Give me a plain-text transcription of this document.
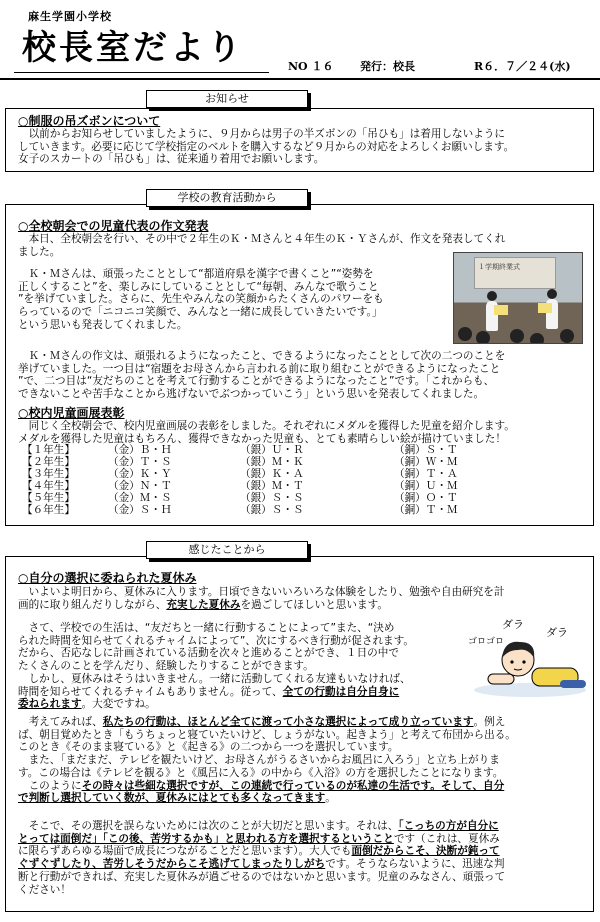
麻生学園小学校
校長室だより	NO １６ 発行：校長	R６．７／２４(水)
お知らせ
○制服の吊ズボンについて
　以前からお知らせしていましたように、９月からは男子の半ズボンの「吊ひも」は着用しないように
していきます。必要に応じて学校指定のベルトを購入するなど９月からの対応をよろしくお願いします。
女子のスカートの「吊ひも」は、従来通り着用でお願いします。
学校の教育活動から
○全校朝会での児童代表の作文発表
　本日、全校朝会を行い、その中で２年生のＫ・Ｍさんと４年生のＫ・Ｙさんが、作文を発表してくれ
ました。
　Ｋ・Ｍさんは、頑張ったこととして“都道府県を漢字で書くこと”“姿勢を
正しくすること”を、楽しみにしていることとして“毎朝、みんなで歌うこと
”を挙げていました。さらに、先生やみんなの笑顔からたくさんのパワーをも
らっているので「ニコニコ笑顔で、みんなと一緒に成長していきたいです。」
という思いも発表してくれました。
１学期終業式
　Ｋ・Ｍさんの作文は、頑張れるようになったこと、できるようになったこととして次の二つのことを
挙げていました。一つ目は“宿題をお母さんから言われる前に取り組むことができるようになったこと
”で、二つ目は“友だちのことを考えて行動することができるようになったこと”です。「これからも、
できないことや苦手なことから逃げないでぶつかっていこう」という思いを発表してくれました。
○校内児童画展表彰
　同じく全校朝会で、校内児童画展の表彰をしました。それぞれにメダルを獲得した児童を紹介します。
メダルを獲得した児童はもちろん、獲得できなかった児童も、とても素晴らしい絵が描けていました！
【１年生】	（金）Ｂ・Ｈ	（銀）Ｕ・Ｒ	（銅）Ｓ・Ｔ
【２年生】	（金）Ｔ・Ｓ	（銀）Ｍ・Ｋ	（銅）Ｗ・Ｍ
【３年生】	（金）Ｋ・Ｙ	（銀）Ｋ・Ａ	（銅）Ｔ・Ａ
【４年生】	（金）Ｎ・Ｔ	（銀）Ｍ・Ｔ	（銅）Ｕ・Ｍ
【５年生】	（金）Ｍ・Ｓ	（銀）Ｓ・Ｓ	（銅）Ｏ・Ｔ
【６年生】	（金）Ｓ・Ｈ	（銀）Ｓ・Ｓ	（銅）Ｔ・Ｍ
感じたことから
○自分の選択に委ねられた夏休み
　いよいよ明日から、夏休みに入ります。日頃できないいろいろな体験をしたり、勉強や自由研究を計
画的に取り組んだりしながら、充実した夏休みを過ごしてほしいと思います。
　さて、学校での生活は、“友だちと一緒に行動することによって”また、“決め
られた時間を知らせてくれるチャイムによって”、次にするべき行動が促されます。
だから、否応なしに計画されている活動を次々と進めることができ、１日の中で
たくさんのことを学んだり、経験したりすることができます。
　しかし、夏休みはそうはいきません。一緒に活動してくれる友達もいなければ、
時間を知らせてくれるチャイムもありません。従って、全ての行動は自分自身に
委ねられます。大変ですね。
ダラ
ダラ
ゴロゴロ
　考えてみれば、私たちの行動は、ほとんど全てに渡って小さな選択によって成り立っています。例え
ば、朝目覚めたとき「もうちょっと寝ていたいけど、しょうがない。起きよう」と考えて布団から出る。
このとき《そのまま寝ている》と《起きる》の二つから一つを選択しています。
　また、「まだまだ、テレビを観たいけど、お母さんがうるさいからお風呂に入ろう」と立ち上がりま
す。この場合は《テレビを観る》と《風呂に入る》の中から《入浴》の方を選択したことになります。
　このようにその時々は些細な選択ですが、この連続で行っているのが私達の生活です。そして、自分
で判断し選択していく数が、夏休みにはとても多くなってきます。
　そこで、その選択を誤らないためには次のことが大切だと思います。それは、「こっちの方が自分に
とっては面倒だ」「この後、苦労するかも」と思われる方を選択するということです（これは、夏休み
に限らずあらゆる場面で成長につながることだと思います）。大人でも面倒だからこそ、決断が鈍って
ぐずぐずしたり、苦労しそうだからこそ逃げてしまったりしがちです。そうならないように、迅速な判
断と行動ができれば、充実した夏休みが過ごせるのではないかと思います。児童のみなさん、頑張って
ください！
